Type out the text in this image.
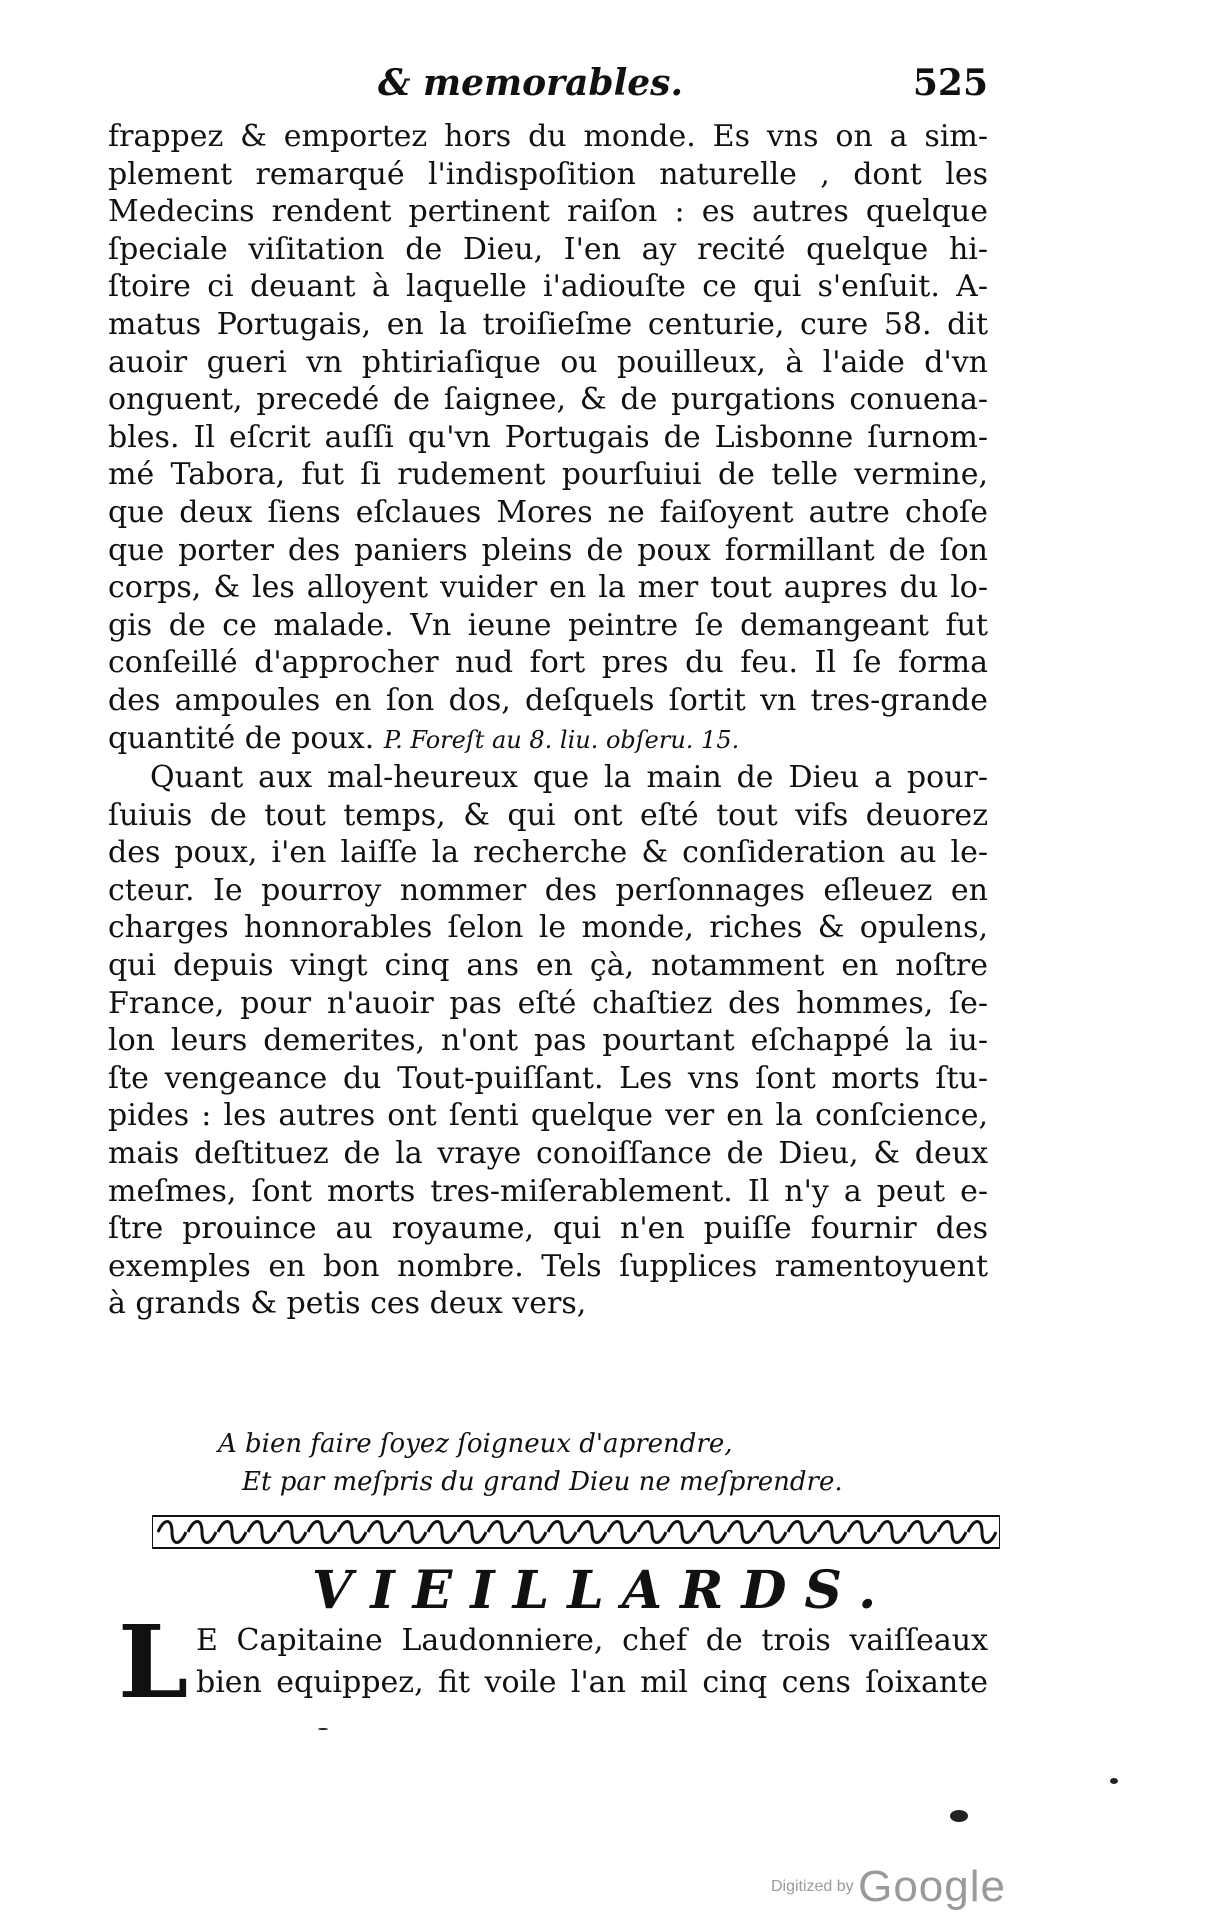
& memorables.	525
frappez & emportez hors du monde. Es vns on a sim-
plement remarqué l'indispoſition naturelle , dont les
Medecins rendent pertinent raiſon : es autres quelque
ſpeciale viſitation de Dieu, I'en ay recité quelque hi-
ſtoire ci deuant à laquelle i'adiouſte ce qui s'enſuit. A-
matus Portugais, en la troiſieſme centurie, cure 58. dit
auoir gueri vn phtiriaſique ou pouilleux, à l'aide d'vn
onguent, precedé de ſaignee, & de purgations conuena-
bles. Il eſcrit auſſi qu'vn Portugais de Lisbonne ſurnom-
mé Tabora, fut ſi rudement pourſuiui de telle vermine,
que deux ſiens eſclaues Mores ne faiſoyent autre choſe
que porter des paniers pleins de poux formillant de ſon
corps, & les alloyent vuider en la mer tout aupres du lo-
gis de ce malade. Vn ieune peintre ſe demangeant fut
conſeillé d'approcher nud fort pres du feu. Il ſe forma
des ampoules en ſon dos, deſquels ſortit vn tres-grande
quantité de poux. P. Foreſt au 8. liu. obſeru. 15.
Quant aux mal-heureux que la main de Dieu a pour-
ſuiuis de tout temps, & qui ont eſté tout vifs deuorez
des poux, i'en laiſſe la recherche & conſideration au le-
cteur. Ie pourroy nommer des perſonnages eſleuez en
charges honnorables ſelon le monde, riches & opulens,
qui depuis vingt cinq ans en çà, notamment en noſtre
France, pour n'auoir pas eſté chaſtiez des hommes, ſe-
lon leurs demerites, n'ont pas pourtant eſchappé la iu-
ſte vengeance du Tout-puiſſant. Les vns ſont morts ſtu-
pides : les autres ont ſenti quelque ver en la conſcience,
mais deſtituez de la vraye conoiſſance de Dieu, & deux
meſmes, ſont morts tres-miſerablement. Il n'y a peut e-
ſtre prouince au royaume, qui n'en puiſſe fournir des
exemples en bon nombre. Tels ſupplices ramentoyuent
à grands & petis ces deux vers,
A bien faire ſoyez ſoigneux d'aprendre,
Et par meſpris du grand Dieu ne meſprendre.
VIEILLARDS.
L E Capitaine Laudonniere, chef de trois vaiſſeaux
bien equippez, fit voile l'an mil cinq cens ſoixante
Digitized by Google
